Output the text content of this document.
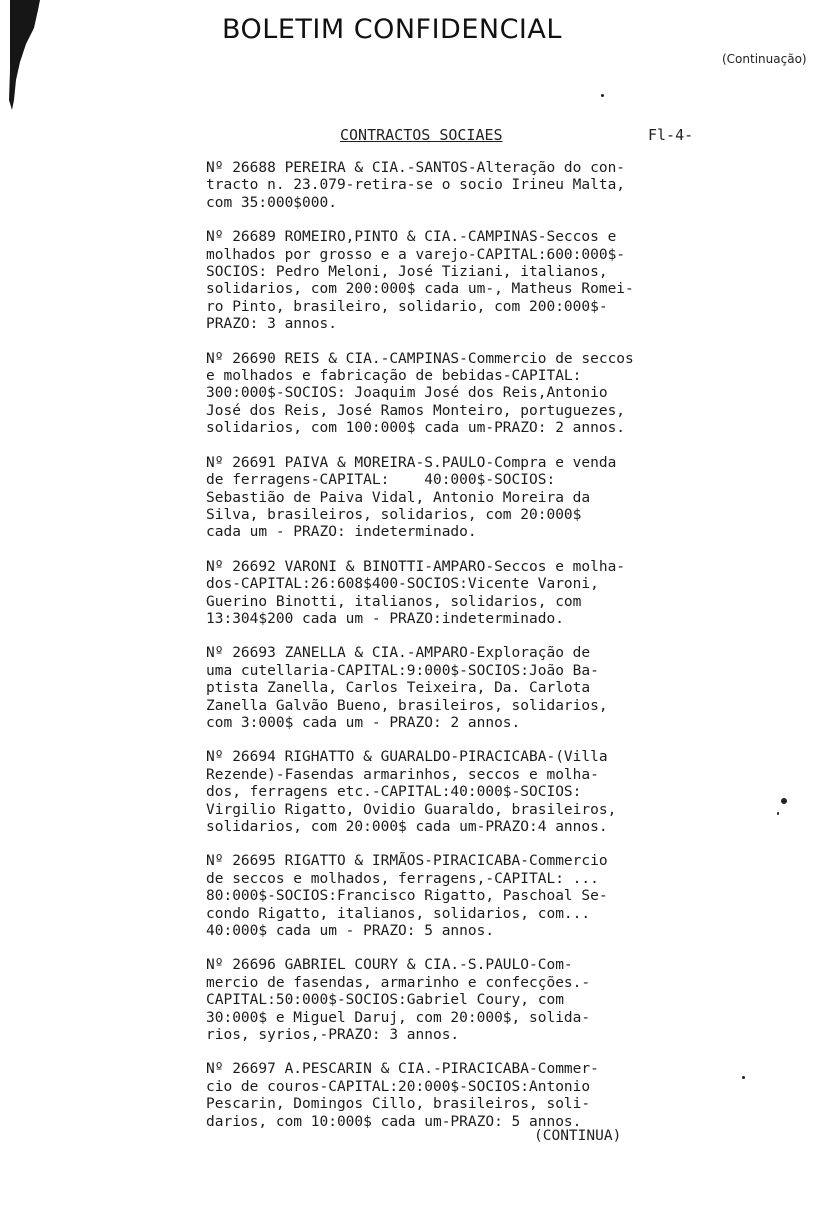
BOLETIM CONFIDENCIAL
(Continuação)
CONTRACTOS SOCIAES	Fl-4-
Nº 26688 PEREIRA & CIA.-SANTOS-Alteração do con-
tracto n. 23.079-retira-se o socio Irineu Malta,
com 35:000$000.
Nº 26689 ROMEIRO,PINTO & CIA.-CAMPINAS-Seccos e
molhados por grosso e a varejo-CAPITAL:600:000$-
SOCIOS: Pedro Meloni, José Tiziani, italianos,
solidarios, com 200:000$ cada um-, Matheus Romei-
ro Pinto, brasileiro, solidario, com 200:000$-
PRAZO: 3 annos.
Nº 26690 REIS & CIA.-CAMPINAS-Commercio de seccos
e molhados e fabricação de bebidas-CAPITAL:
300:000$-SOCIOS: Joaquim José dos Reis,Antonio
José dos Reis, José Ramos Monteiro, portuguezes,
solidarios, com 100:000$ cada um-PRAZO: 2 annos.
Nº 26691 PAIVA & MOREIRA-S.PAULO-Compra e venda
de ferragens-CAPITAL:    40:000$-SOCIOS:
Sebastião de Paiva Vidal, Antonio Moreira da
Silva, brasileiros, solidarios, com 20:000$
cada um - PRAZO: indeterminado.
Nº 26692 VARONI & BINOTTI-AMPARO-Seccos e molha-
dos-CAPITAL:26:608$400-SOCIOS:Vicente Varoni,
Guerino Binotti, italianos, solidarios, com
13:304$200 cada um - PRAZO:indeterminado.
Nº 26693 ZANELLA & CIA.-AMPARO-Exploração de
uma cutellaria-CAPITAL:9:000$-SOCIOS:João Ba-
ptista Zanella, Carlos Teixeira, Da. Carlota
Zanella Galvão Bueno, brasileiros, solidarios,
com 3:000$ cada um - PRAZO: 2 annos.
Nº 26694 RIGHATTO & GUARALDO-PIRACICABA-(Villa
Rezende)-Fasendas armarinhos, seccos e molha-
dos, ferragens etc.-CAPITAL:40:000$-SOCIOS:
Virgilio Rigatto, Ovidio Guaraldo, brasileiros,
solidarios, com 20:000$ cada um-PRAZO:4 annos.
Nº 26695 RIGATTO & IRMÃOS-PIRACICABA-Commercio
de seccos e molhados, ferragens,-CAPITAL: ...
80:000$-SOCIOS:Francisco Rigatto, Paschoal Se-
condo Rigatto, italianos, solidarios, com...
40:000$ cada um - PRAZO: 5 annos.
Nº 26696 GABRIEL COURY & CIA.-S.PAULO-Com-
mercio de fasendas, armarinho e confecções.-
CAPITAL:50:000$-SOCIOS:Gabriel Coury, com
30:000$ e Miguel Daruj, com 20:000$, solida-
rios, syrios,-PRAZO: 3 annos.
Nº 26697 A.PESCARIN & CIA.-PIRACICABA-Commer-
cio de couros-CAPITAL:20:000$-SOCIOS:Antonio
Pescarin, Domingos Cillo, brasileiros, soli-
darios, com 10:000$ cada um-PRAZO: 5 annos.
(CONTINUA)
